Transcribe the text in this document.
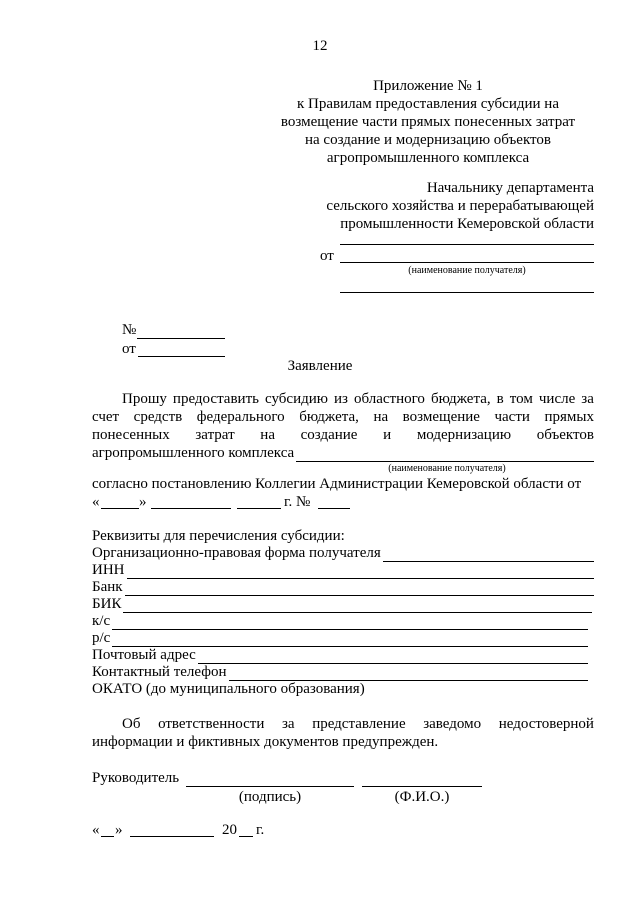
12
Приложение № 1
к Правилам предоставления субсидии на
возмещение части прямых понесенных затрат
на создание и модернизацию объектов
агропромышленного комплекса
Начальнику департамента
сельского хозяйства и перерабатывающей
промышленности Кемеровской области
от
(наименование получателя)
№
от
Заявление
Прошу предоставить субсидию из областного бюджета, в том числе за
счет средств федерального бюджета, на возмещение части прямых
понесенных затрат на создание и модернизацию объектов
агропромышленного комплекса
(наименование получателя)
согласно постановлению Коллегии Администрации Кемеровской области от
«	»	г. №
Реквизиты для перечисления субсидии:
Организационно-правовая форма получателя
ИНН
Банк
БИК
к/с
р/с
Почтовый адрес
Контактный телефон
ОКАТО (до муниципального образования)
Об ответственности за представление заведомо недостоверной
информации и фиктивных документов предупрежден.
Руководитель
(подпись)	(Ф.И.О.)
« »	20 г.
